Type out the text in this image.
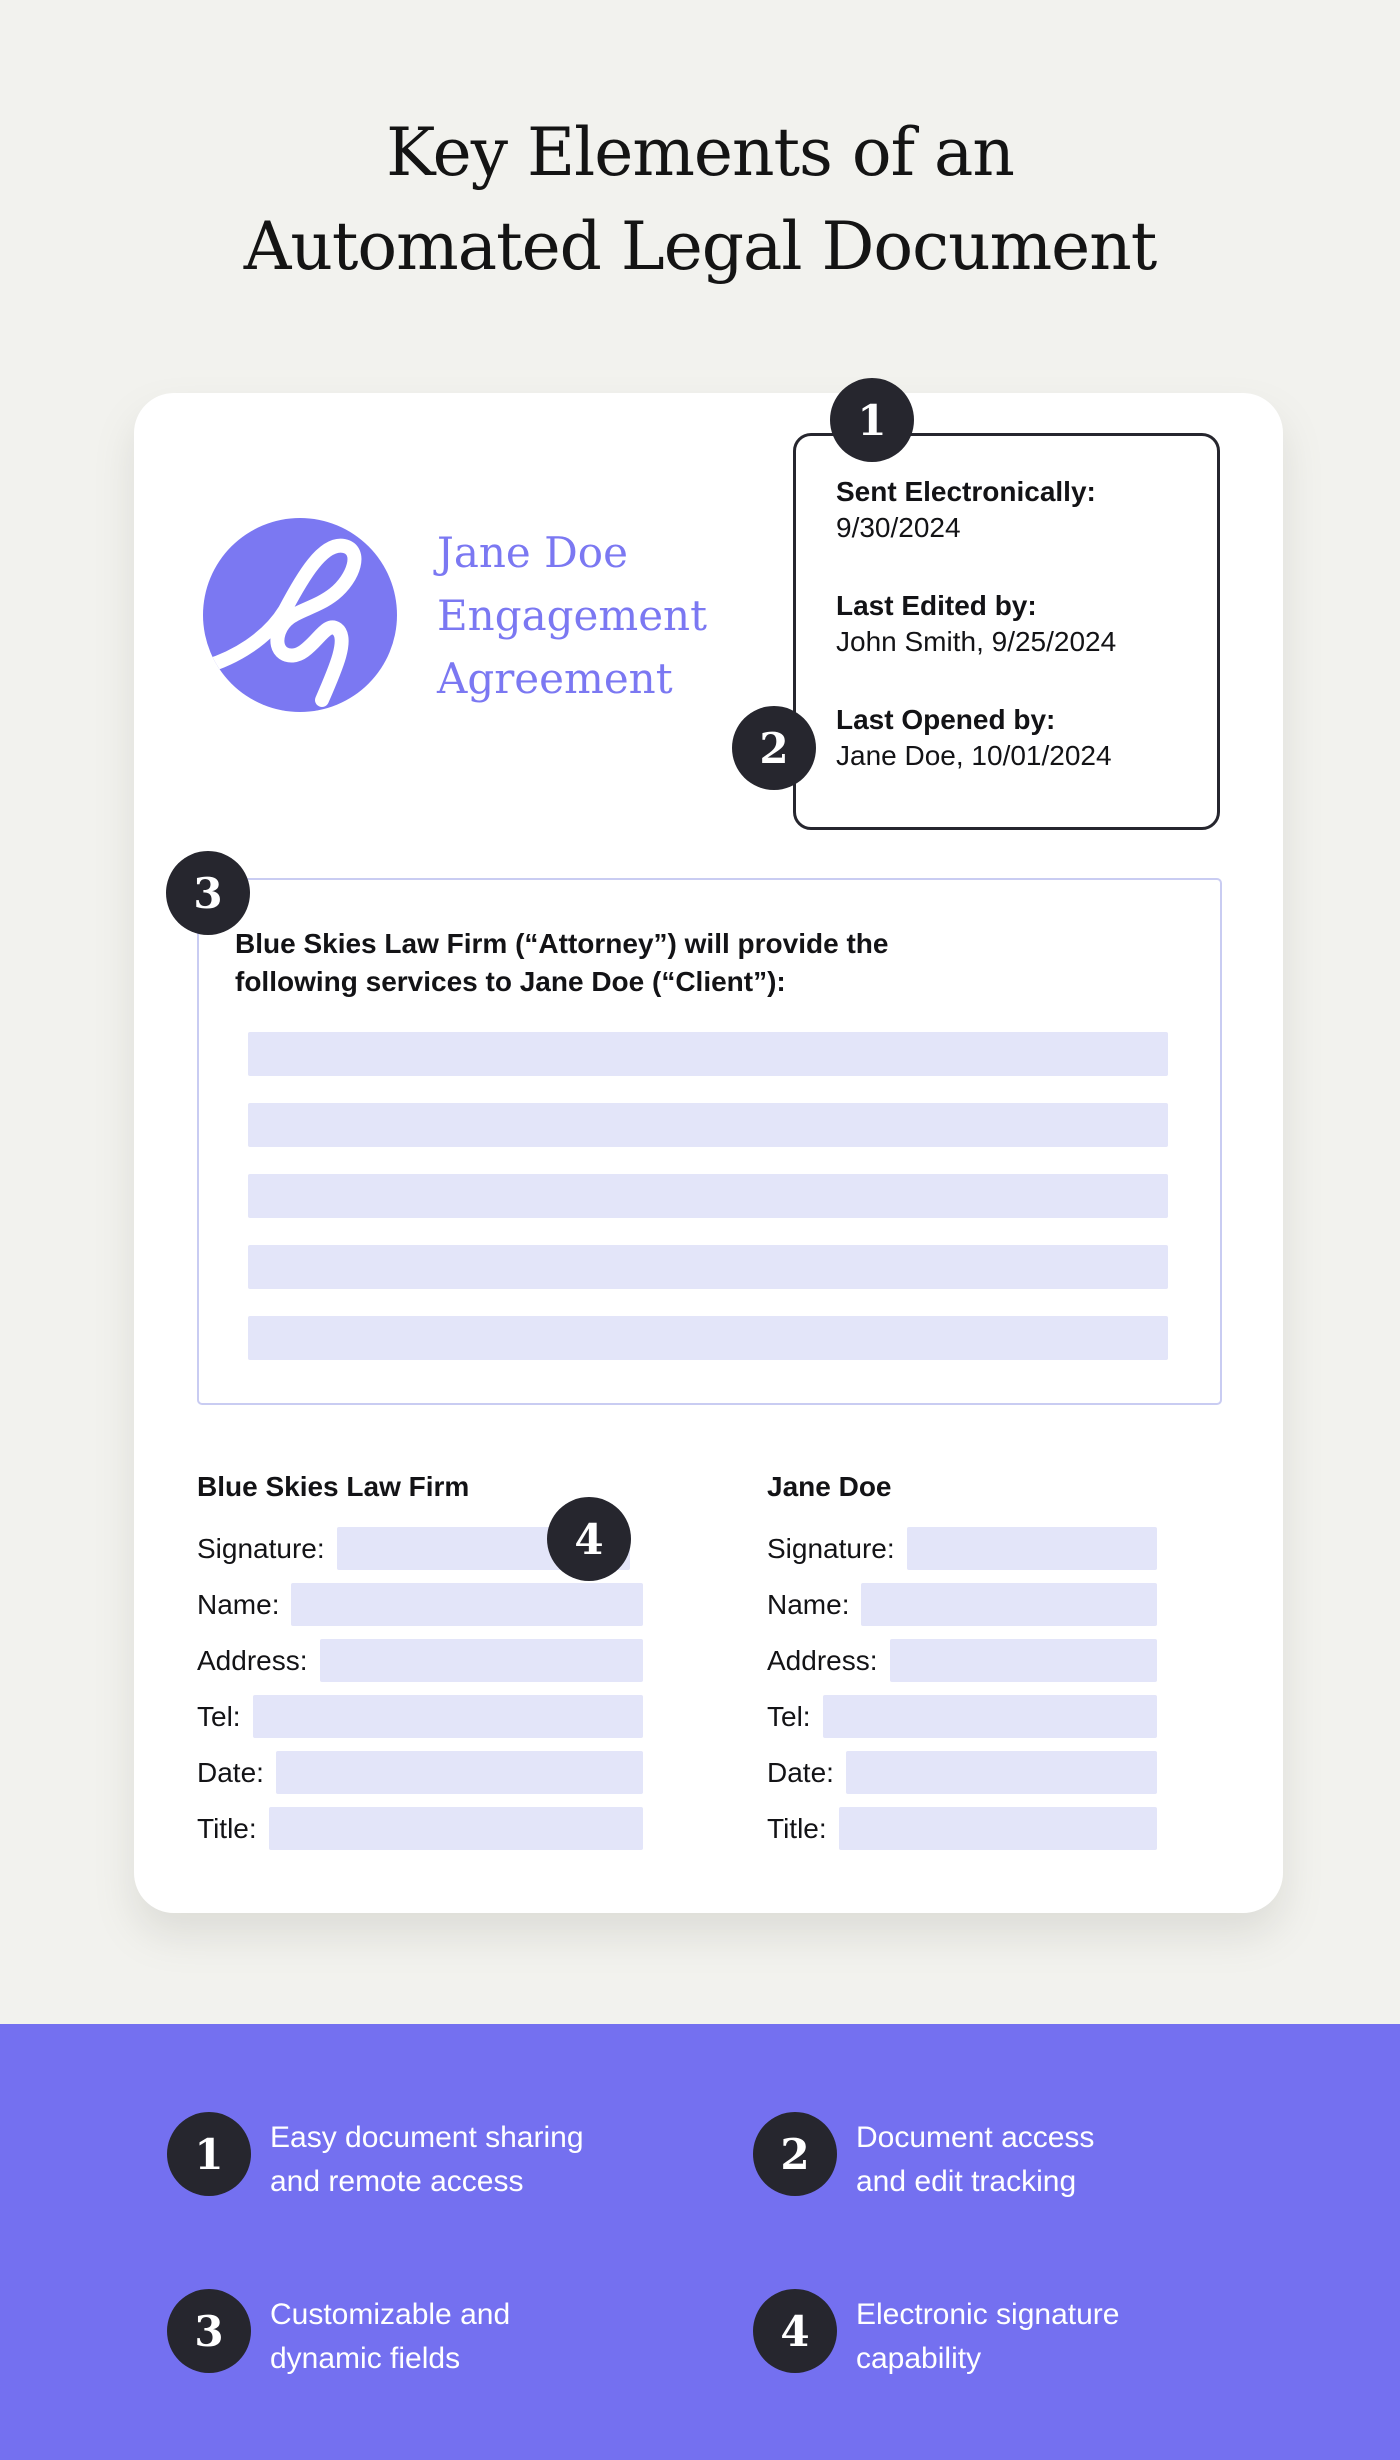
Key Elements of an
Automated Legal Document
Jane Doe
Engagement
Agreement
Sent Electronically:
9/30/2024
Last Edited by:
John Smith, 9/25/2024
Last Opened by:
Jane Doe, 10/01/2024
1
2
3
4
Blue Skies Law Firm (“Attorney”) will provide the
following services to Jane Doe (“Client”):
Blue Skies Law Firm
Signature:
Name:
Address:
Tel:
Date:
Title:
Jane Doe
Signature:
Name:
Address:
Tel:
Date:
Title:
1	Easy document sharing
and remote access
2	Document access
and edit tracking
3	Customizable and
dynamic fields
4	Electronic signature
capability
